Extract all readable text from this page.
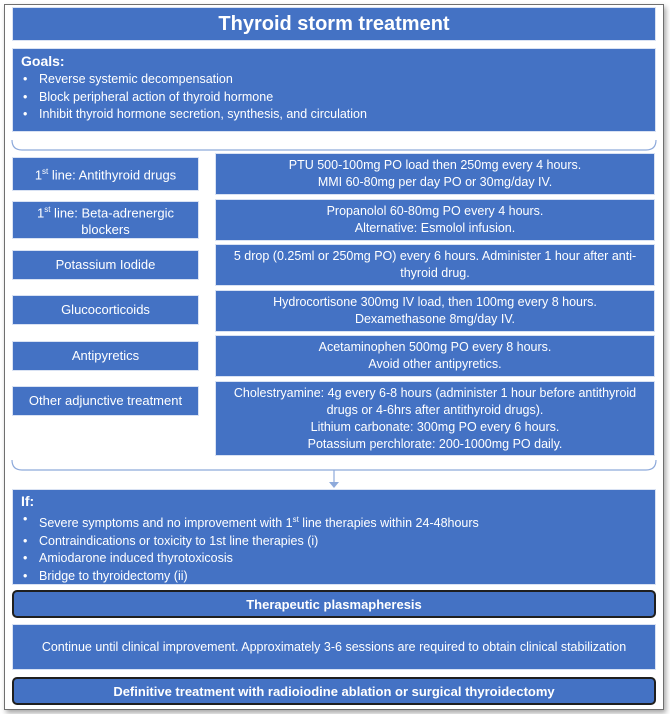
Thyroid storm treatment
Goals:
• Reverse systemic decompensation
• Block peripheral action of thyroid hormone
• Inhibit thyroid hormone secretion, synthesis, and circulation
1st line: Antithyroid drugs
PTU 500-100mg PO load then 250mg every 4 hours.
MMI 60-80mg per day PO or 30mg/day IV.
1st line: Beta-adrenergic blockers
Propanolol 60-80mg PO every 4 hours.
Alternative: Esmolol infusion.
Potassium Iodide
5 drop (0.25ml or 250mg PO) every 6 hours. Administer 1 hour after anti-thyroid drug.
Glucocorticoids	Hydrocortisone 300mg IV load, then 100mg every 8 hours.
Dexamethasone 8mg/day IV.
Antipyretics
Acetaminophen 500mg PO every 8 hours.
Avoid other antipyretics.
Other adjunctive treatment
Cholestryamine: 4g every 6-8 hours (administer 1 hour before antithyroid drugs or 4-6hrs after antithyroid drugs).
Lithium carbonate: 300mg PO every 6 hours.
Potassium perchlorate: 200-1000mg PO daily.
If:
• Severe symptoms and no improvement with 1st line therapies within 24-48hours
• Contraindications or toxicity to 1st line therapies (i)
• Amiodarone induced thyrotoxicosis
• Bridge to thyroidectomy (ii)
Therapeutic plasmapheresis
Continue until clinical improvement. Approximately 3-6 sessions are required to obtain clinical stabilization
Definitive treatment with radioiodine ablation or surgical thyroidectomy
